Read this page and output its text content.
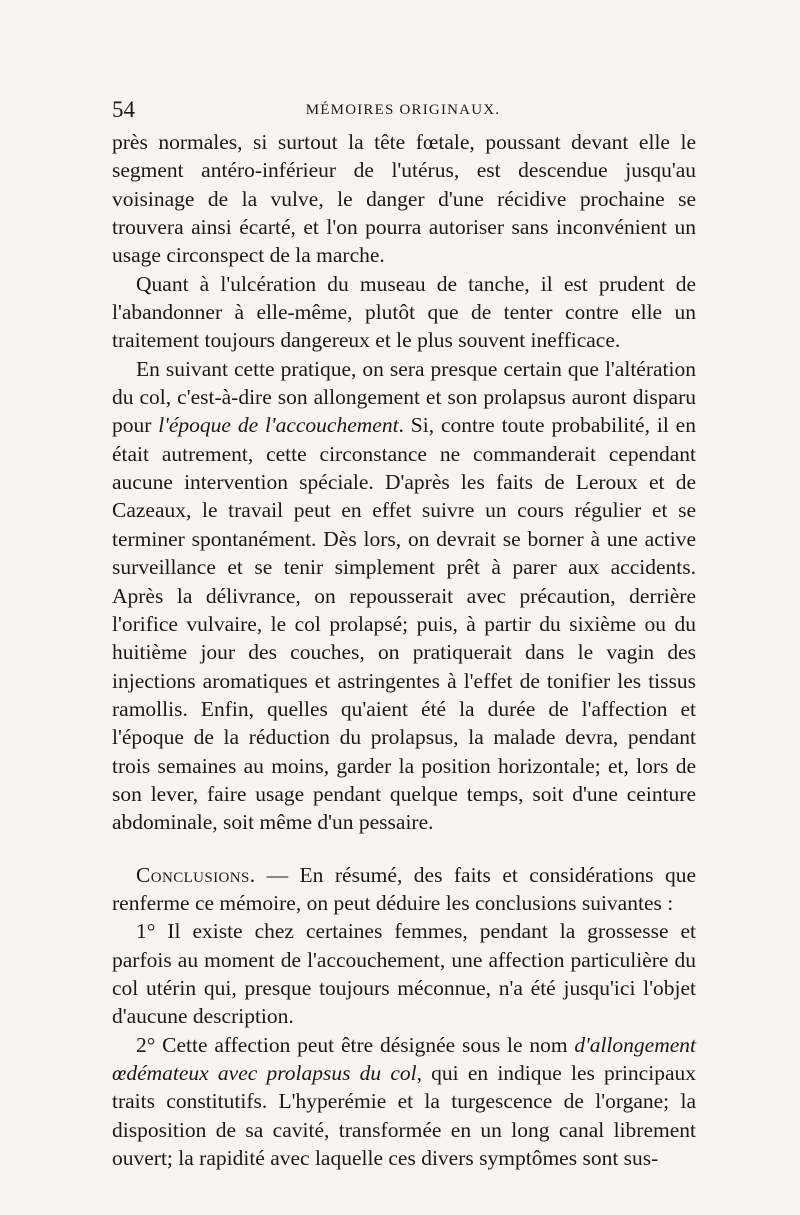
54	MÉMOIRES ORIGINAUX.

près normales, si surtout la tête fœtale, poussant devant elle le segment antéro-inférieur de l'utérus, est descendue jusqu'au voisinage de la vulve, le danger d'une récidive prochaine se trouvera ainsi écarté, et l'on pourra autoriser sans inconvénient un usage circonspect de la marche.

Quant à l'ulcération du museau de tanche, il est prudent de l'abandonner à elle-même, plutôt que de tenter contre elle un traitement toujours dangereux et le plus souvent inefficace.

En suivant cette pratique, on sera presque certain que l'altération du col, c'est-à-dire son allongement et son prolapsus auront disparu pour l'époque de l'accouchement. Si, contre toute probabilité, il en était autrement, cette circonstance ne commanderait cependant aucune intervention spéciale. D'après les faits de Leroux et de Cazeaux, le travail peut en effet suivre un cours régulier et se terminer spontanément. Dès lors, on devrait se borner à une active surveillance et se tenir simplement prêt à parer aux accidents. Après la délivrance, on repousserait avec précaution, derrière l'orifice vulvaire, le col prolapsé; puis, à partir du sixième ou du huitième jour des couches, on pratiquerait dans le vagin des injections aromatiques et astringentes à l'effet de tonifier les tissus ramollis. Enfin, quelles qu'aient été la durée de l'affection et l'époque de la réduction du prolapsus, la malade devra, pendant trois semaines au moins, garder la position horizontale; et, lors de son lever, faire usage pendant quelque temps, soit d'une ceinture abdominale, soit même d'un pessaire.

Conclusions. — En résumé, des faits et considérations que renferme ce mémoire, on peut déduire les conclusions suivantes :

1° Il existe chez certaines femmes, pendant la grossesse et parfois au moment de l'accouchement, une affection particulière du col utérin qui, presque toujours méconnue, n'a été jusqu'ici l'objet d'aucune description.

2° Cette affection peut être désignée sous le nom d'allongement œdémateux avec prolapsus du col, qui en indique les principaux traits constitutifs. L'hyperémie et la turgescence de l'organe; la disposition de sa cavité, transformée en un long canal librement ouvert; la rapidité avec laquelle ces divers symptômes sont sus-
